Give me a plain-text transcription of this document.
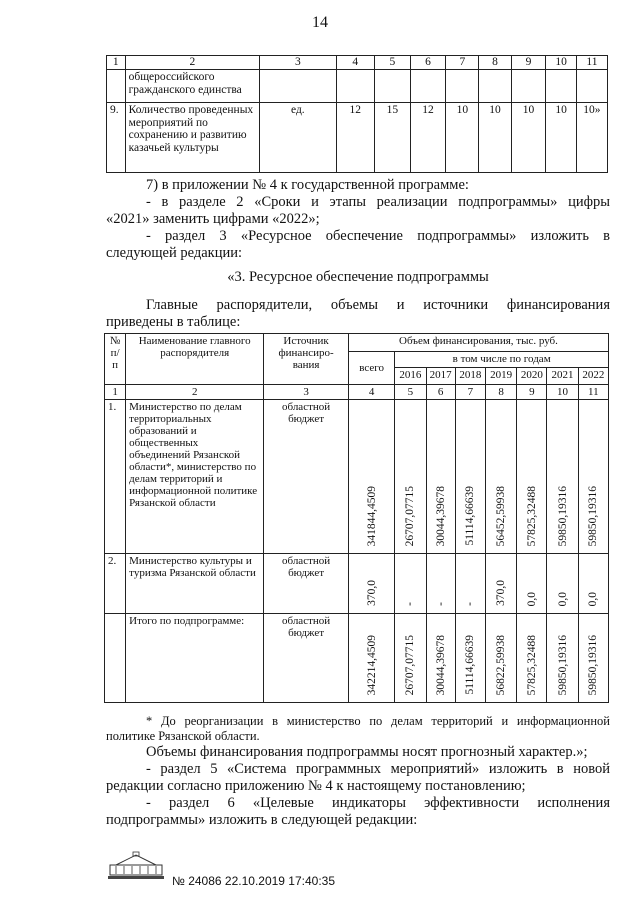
14
1	2	3	4	5	6	7	8	9	10	11
	общероссийского гражданского единства									
9.	Количество проведенных мероприятий по сохранению и развитию казачьей культуры	ед.	12	15	12	10	10	10	10	10»
7) в приложении № 4 к государственной программе:
- в разделе 2 «Сроки и этапы реализации подпрограммы» цифры
«2021» заменить цифрами «2022»;
- раздел 3 «Ресурсное обеспечение подпрограммы» изложить в
следующей редакции:
«3. Ресурсное обеспечение подпрограммы
Главные распорядители, объемы и источники финансирования
приведены в таблице:
№ п/п	Наименование главного распорядителя	Источник финансиро-вания	Объем финансирования, тыс. руб.							
			всего	в том числе по годам						
				2016	2017	2018	2019	2020	2021	2022
1	2	3	4	5	6	7	8	9	10	11
1.	Министерство по делам территориальных образований и общественных объединений Рязанской области*, министерство по делам территорий и информационной политике Рязанской области	областной бюджет	341844,4509	26707,07715	30044,39678	51114,66639	56452,59938	57825,32488	59850,19316	59850,19316
2.	Министерство культуры и туризма Рязанской области	областной бюджет	370,0	-	-	-	370,0	0,0	0,0	0,0
	Итого по подпрограмме:	областной бюджет	342214,4509	26707,07715	30044,39678	51114,66639	56822,59938	57825,32488	59850,19316	59850,19316
* До реорганизации в министерство по делам территорий и информационной политике Рязанской области.
Объемы финансирования подпрограммы носят прогнозный характер.»;
- раздел 5 «Система программных мероприятий» изложить в новой
редакции согласно приложению № 4 к настоящему постановлению;
- раздел 6 «Целевые индикаторы эффективности исполнения
подпрограммы» изложить в следующей редакции:
№ 24086 22.10.2019 17:40:35
